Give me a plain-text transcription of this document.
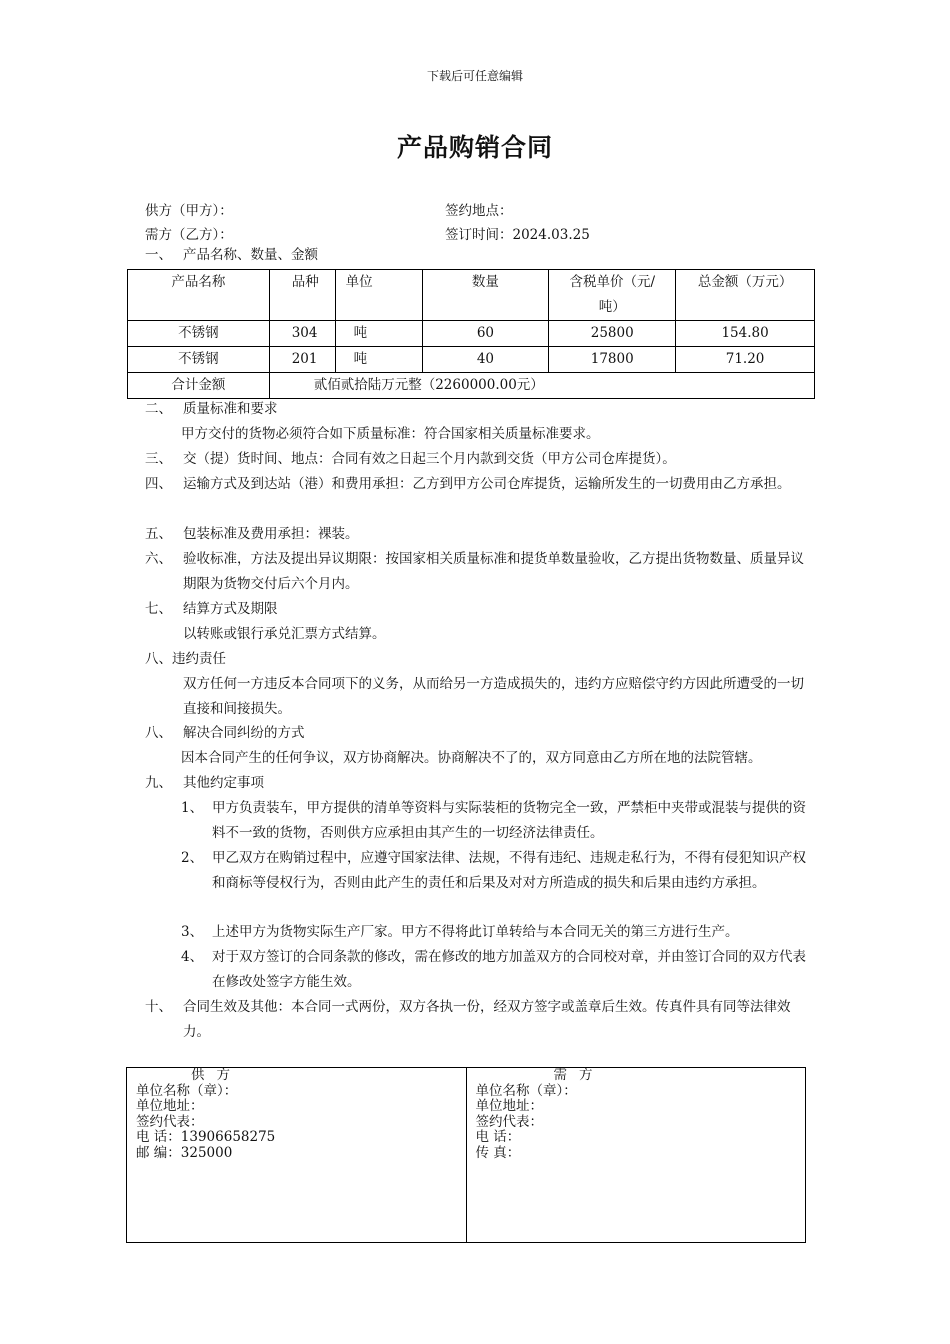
下载后可任意编辑
产品购销合同
供方（甲方）：	签约地点：
需方（乙方）：	签订时间：2024.03.25
一、 产品名称、数量、金额
产品名称	品种	单位	数量	含税单价（元/吨）	总金额（万元）
不锈钢	304	吨	60	25800	154.80
不锈钢	201	吨	40	17800	71.20
合计金额	贰佰贰拾陆万元整（2260000.00元）				
二、 质量标准和要求
甲方交付的货物必须符合如下质量标准：符合国家相关质量标准要求。
三、 交（提）货时间、地点：合同有效之日起三个月内款到交货（甲方公司仓库提货）。
四、 运输方式及到达站（港）和费用承担：乙方到甲方公司仓库提货，运输所发生的一切费用由乙方承担。
五、 包装标准及费用承担：裸装。
六、 验收标准，方法及提出异议期限：按国家相关质量标准和提货单数量验收，乙方提出货物数量、质量异议期限为货物交付后六个月内。
七、 结算方式及期限
以转账或银行承兑汇票方式结算。
八、违约责任
双方任何一方违反本合同项下的义务，从而给另一方造成损失的，违约方应赔偿守约方因此所遭受的一切直接和间接损失。
八、 解决合同纠纷的方式
因本合同产生的任何争议，双方协商解决。协商解决不了的，双方同意由乙方所在地的法院管辖。
九、 其他约定事项
1、 甲方负责装车，甲方提供的清单等资料与实际装柜的货物完全一致，严禁柜中夹带或混装与提供的资料不一致的货物，否则供方应承担由其产生的一切经济法律责任。
2、 甲乙双方在购销过程中，应遵守国家法律、法规，不得有违纪、违规走私行为，不得有侵犯知识产权和商标等侵权行为，否则由此产生的责任和后果及对对方所造成的损失和后果由违约方承担。
3、 上述甲方为货物实际生产厂家。甲方不得将此订单转给与本合同无关的第三方进行生产。
4、 对于双方签订的合同条款的修改，需在修改的地方加盖双方的合同校对章，并由签订合同的双方代表在修改处签字方能生效。
十、 合同生效及其他：本合同一式两份，双方各执一份，经双方签字或盖章后生效。传真件具有同等法律效力。
供方
单位名称（章）：
单位地址：
签约代表：
电 话：13906658275
邮 编：325000
需方
单位名称（章）：
单位地址：
签约代表：
电 话：
传 真：
